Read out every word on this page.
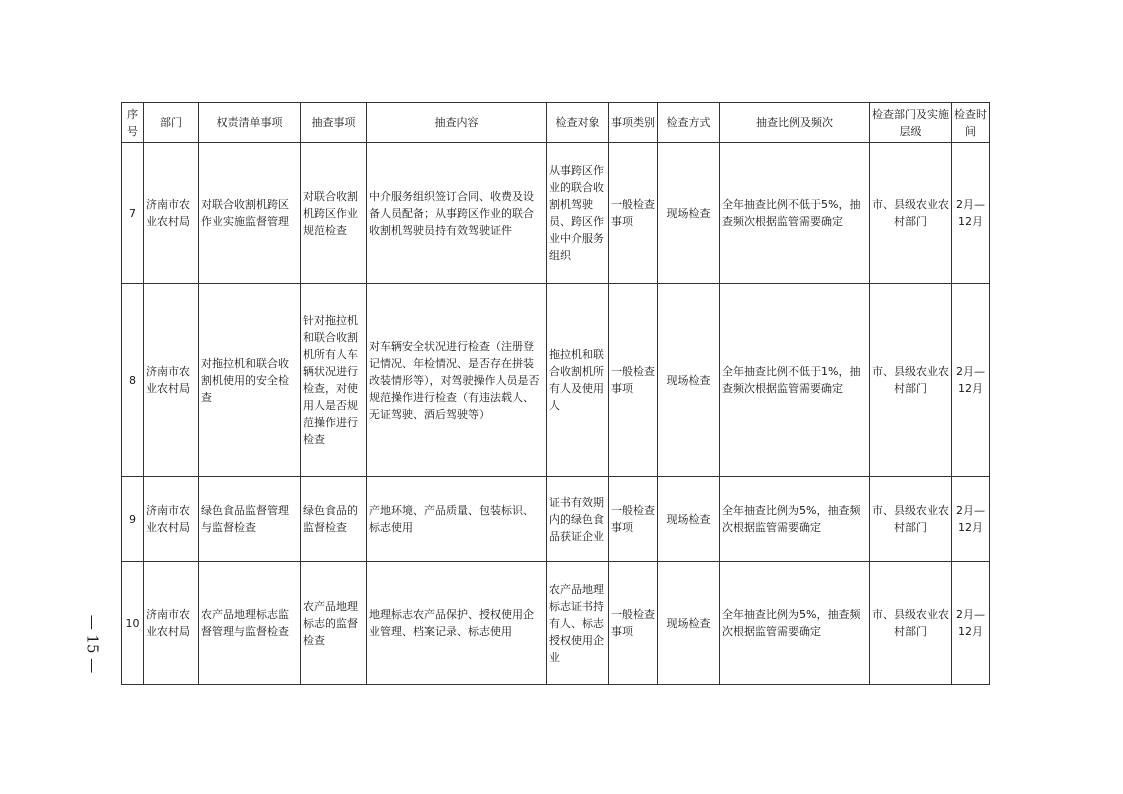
序号	部门	权责清单事项	抽查事项	抽查内容	检查对象	事项类别	检查方式	抽查比例及频次	检查部门及实施层级	检查时间
7	济南市农业农村局	对联合收割机跨区作业实施监督管理	对联合收割机跨区作业规范检查	中介服务组织签订合同、收费及设备人员配备；从事跨区作业的联合收割机驾驶员持有效驾驶证件	从事跨区作业的联合收割机驾驶员、跨区作业中介服务组织	一般检查事项	现场检查	全年抽查比例不低于5%，抽查频次根据监管需要确定	市、县级农业农村部门	2月—12月
8	济南市农业农村局	对拖拉机和联合收割机使用的安全检查	针对拖拉机和联合收割机所有人车辆状况进行检查，对使用人是否规范操作进行检查	对车辆安全状况进行检查（注册登记情况、年检情况、是否存在拼装改装情形等），对驾驶操作人员是否规范操作进行检查（有违法载人、无证驾驶、酒后驾驶等）	拖拉机和联合收割机所有人及使用人	一般检查事项	现场检查	全年抽查比例不低于1%，抽查频次根据监管需要确定	市、县级农业农村部门	2月—12月
9	济南市农业农村局	绿色食品监督管理与监督检查	绿色食品的监督检查	产地环境、产品质量、包装标识、标志使用	证书有效期内的绿色食品获证企业	一般检查事项	现场检查	全年抽查比例为5%，抽查频次根据监管需要确定	市、县级农业农村部门	2月—12月
10	济南市农业农村局	农产品地理标志监督管理与监督检查	农产品地理标志的监督检查	地理标志农产品保护、授权使用企业管理、档案记录、标志使用	农产品地理标志证书持有人、标志授权使用企业	一般检查事项	现场检查	全年抽查比例为5%，抽查频次根据监管需要确定	市、县级农业农村部门	2月—12月
— 15 —
